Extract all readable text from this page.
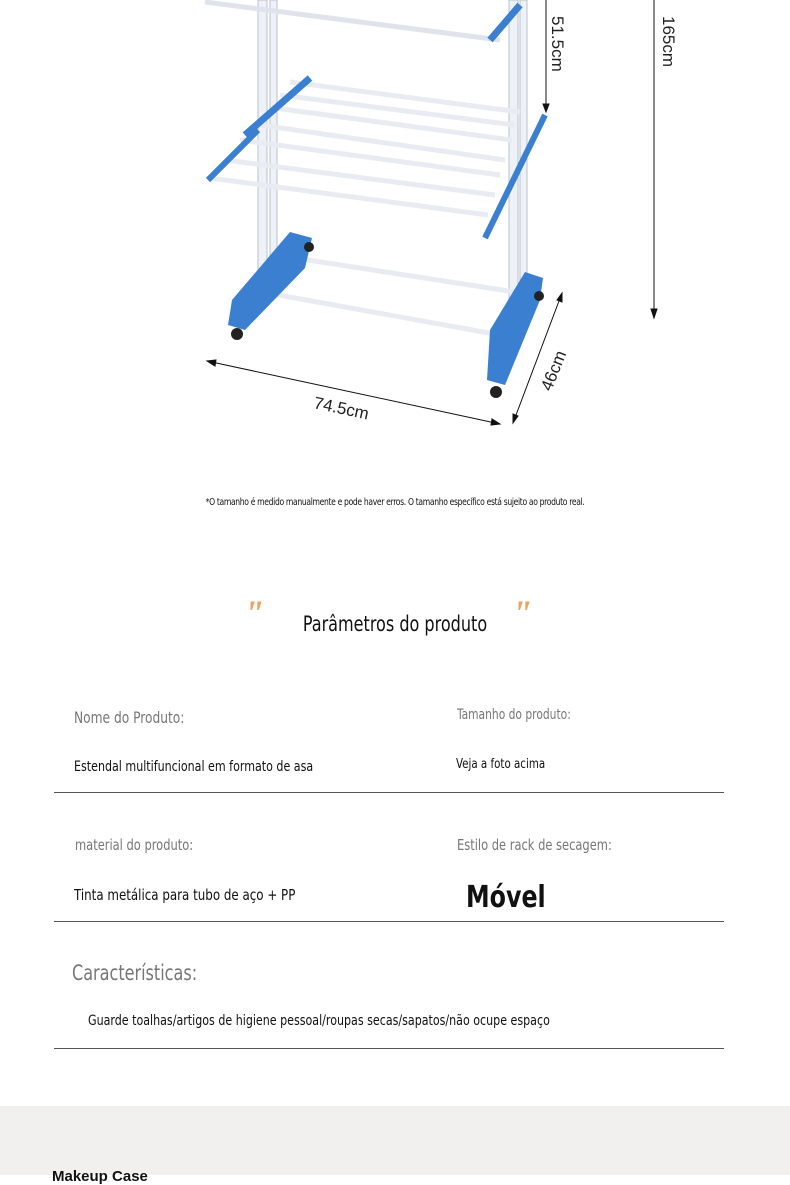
51.5cm	165cm
74.5cm
46cm
*O tamanho é medido manualmente e pode haver erros. O tamanho específico está sujeito ao produto real.
"	"
Parâmetros do produto
Nome do Produto:
Estendal multifuncional em formato de asa
Tamanho do produto:
Veja a foto acima
material do produto:
Tinta metálica para tubo de aço + PP
Estilo de rack de secagem:
Móvel
Características:
Guarde toalhas/artigos de higiene pessoal/roupas secas/sapatos/não ocupe espaço
Makeup Case
